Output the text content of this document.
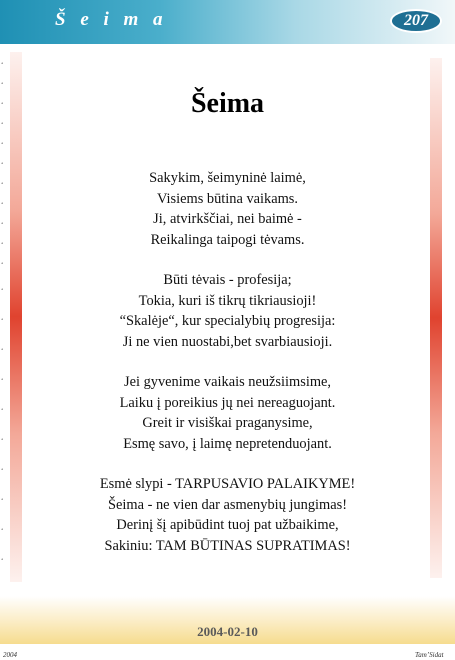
Š e i m a	207
ʻ
ʻ
ʻ
ʻ
ʻ
ʻ
ʻ
ʻ
ʻ
ʻ
ʻ
ʻ
ʻ
ʻ
ʻ
ʻ
ʻ
ʻ
ʻ
ʻ
ʻ
Šeima
Sakykim, šeimyninė laimė,
Visiems būtina vaikams.
Ji, atvirkščiai, nei baimė -
Reikalinga taipogi tėvams.
Būti tėvais - profesija;
Tokia, kuri iš tikrų tikriausioji!
“Skalėje“, kur specialybių progresija:
Ji ne vien nuostabi,bet svarbiausioji.
Jei gyvenime vaikais neužsiimsime,
Laiku į poreikius jų nei nereaguojant.
Greit ir visiškai praganysime,
Esmę savo, į laimę nepretenduojant.
Esmė slypi - TARPUSAVIO PALAIKYME!
Šeima - ne vien dar asmenybių jungimas!
Derinį šį apibūdint tuoj pat užbaikime,
Sakiniu: TAM BŪTINAS SUPRATIMAS!
2004-02-10
2004	Tam’Sidat
